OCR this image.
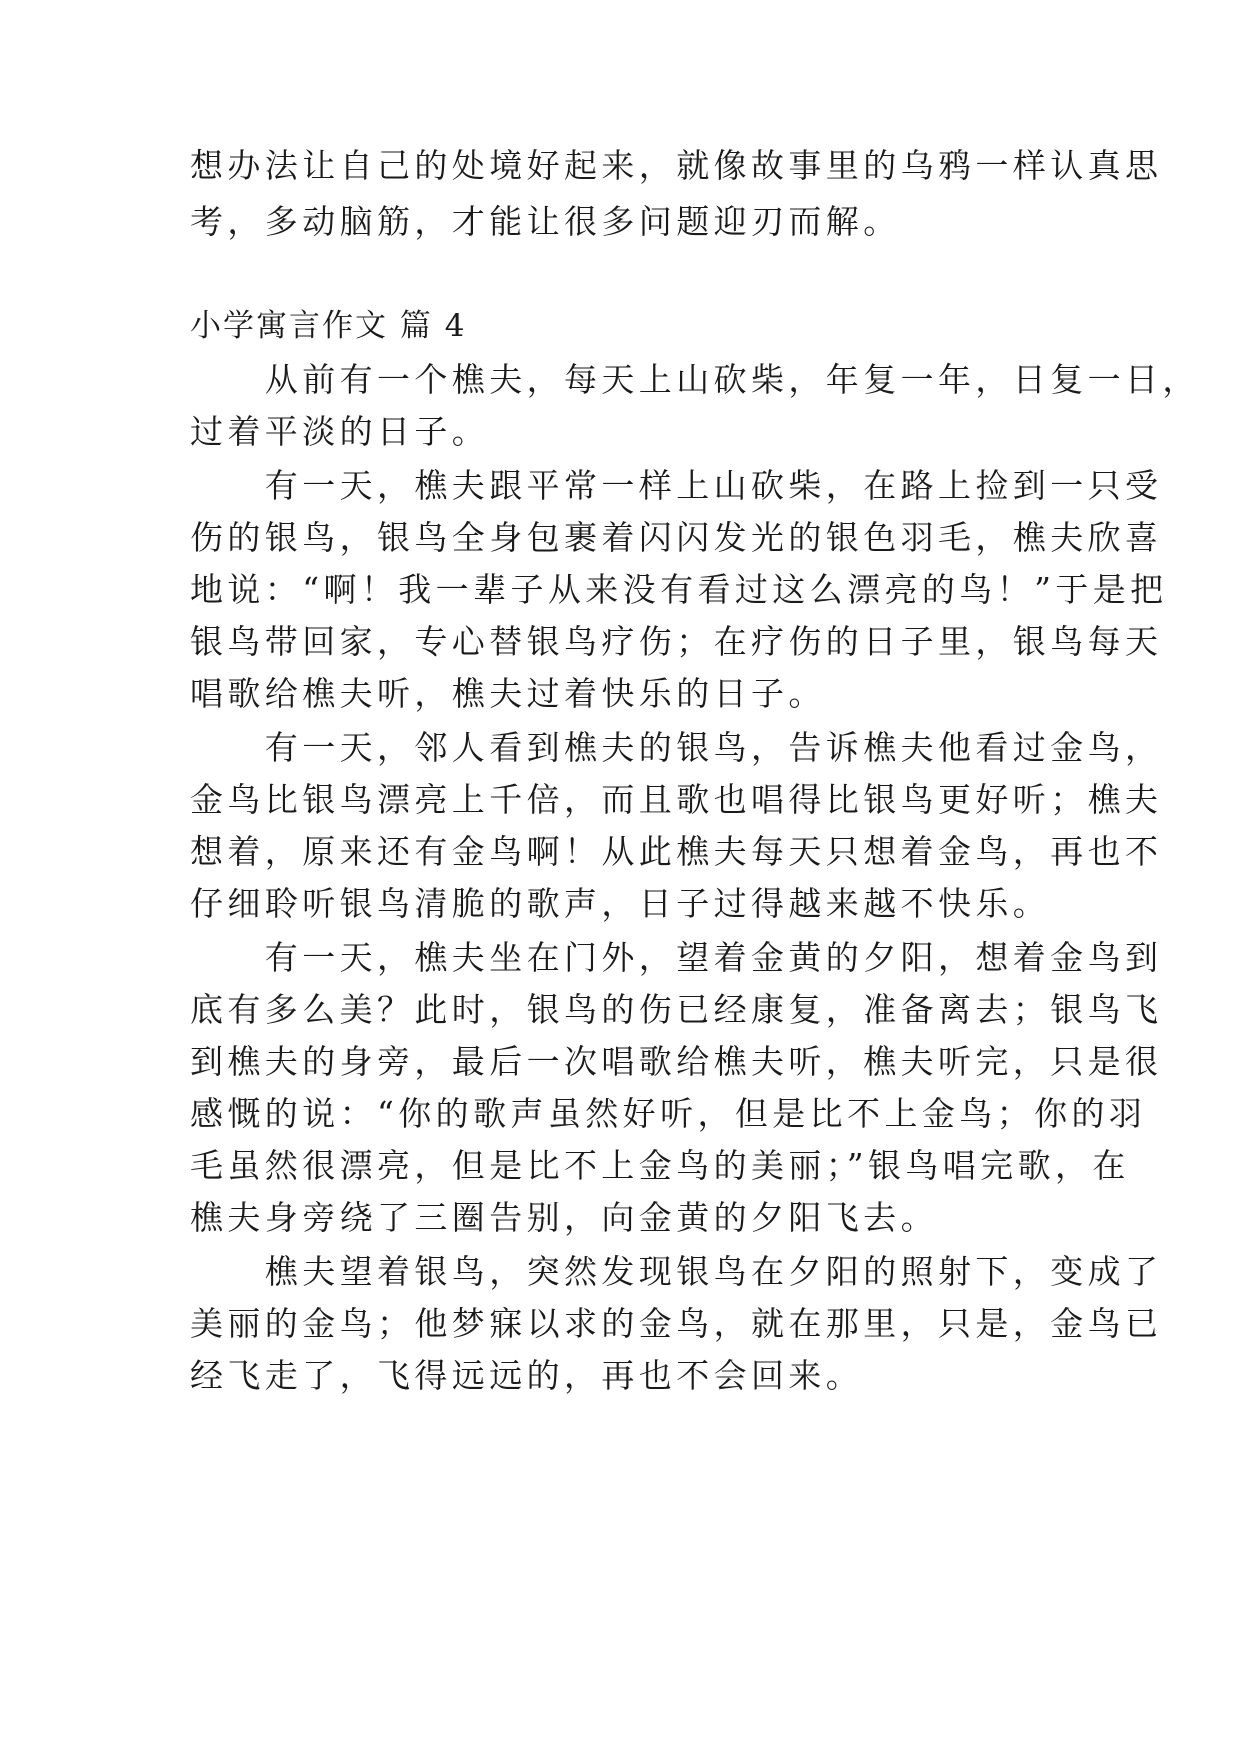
想办法让自己的处境好起来，就像故事里的乌鸦一样认真思

考，多动脑筋，才能让很多问题迎刃而解。

小学寓言作文 篇 4

　　从前有一个樵夫，每天上山砍柴，年复一年，日复一日，

过着平淡的日子。

　　有一天，樵夫跟平常一样上山砍柴，在路上捡到一只受

伤的银鸟，银鸟全身包裹着闪闪发光的银色羽毛，樵夫欣喜

地说：“啊！我一辈子从来没有看过这么漂亮的鸟！”于是把

银鸟带回家，专心替银鸟疗伤；在疗伤的日子里，银鸟每天

唱歌给樵夫听，樵夫过着快乐的日子。

　　有一天，邻人看到樵夫的银鸟，告诉樵夫他看过金鸟，

金鸟比银鸟漂亮上千倍，而且歌也唱得比银鸟更好听；樵夫

想着，原来还有金鸟啊！从此樵夫每天只想着金鸟，再也不

仔细聆听银鸟清脆的歌声，日子过得越来越不快乐。

　　有一天，樵夫坐在门外，望着金黄的夕阳，想着金鸟到

底有多么美？此时，银鸟的伤已经康复，准备离去；银鸟飞

到樵夫的身旁，最后一次唱歌给樵夫听，樵夫听完，只是很

感慨的说：“你的歌声虽然好听，但是比不上金鸟；你的羽

毛虽然很漂亮，但是比不上金鸟的美丽；”银鸟唱完歌，在

樵夫身旁绕了三圈告别，向金黄的夕阳飞去。

　　樵夫望着银鸟，突然发现银鸟在夕阳的照射下，变成了

美丽的金鸟；他梦寐以求的金鸟，就在那里，只是，金鸟已

经飞走了，飞得远远的，再也不会回来。
